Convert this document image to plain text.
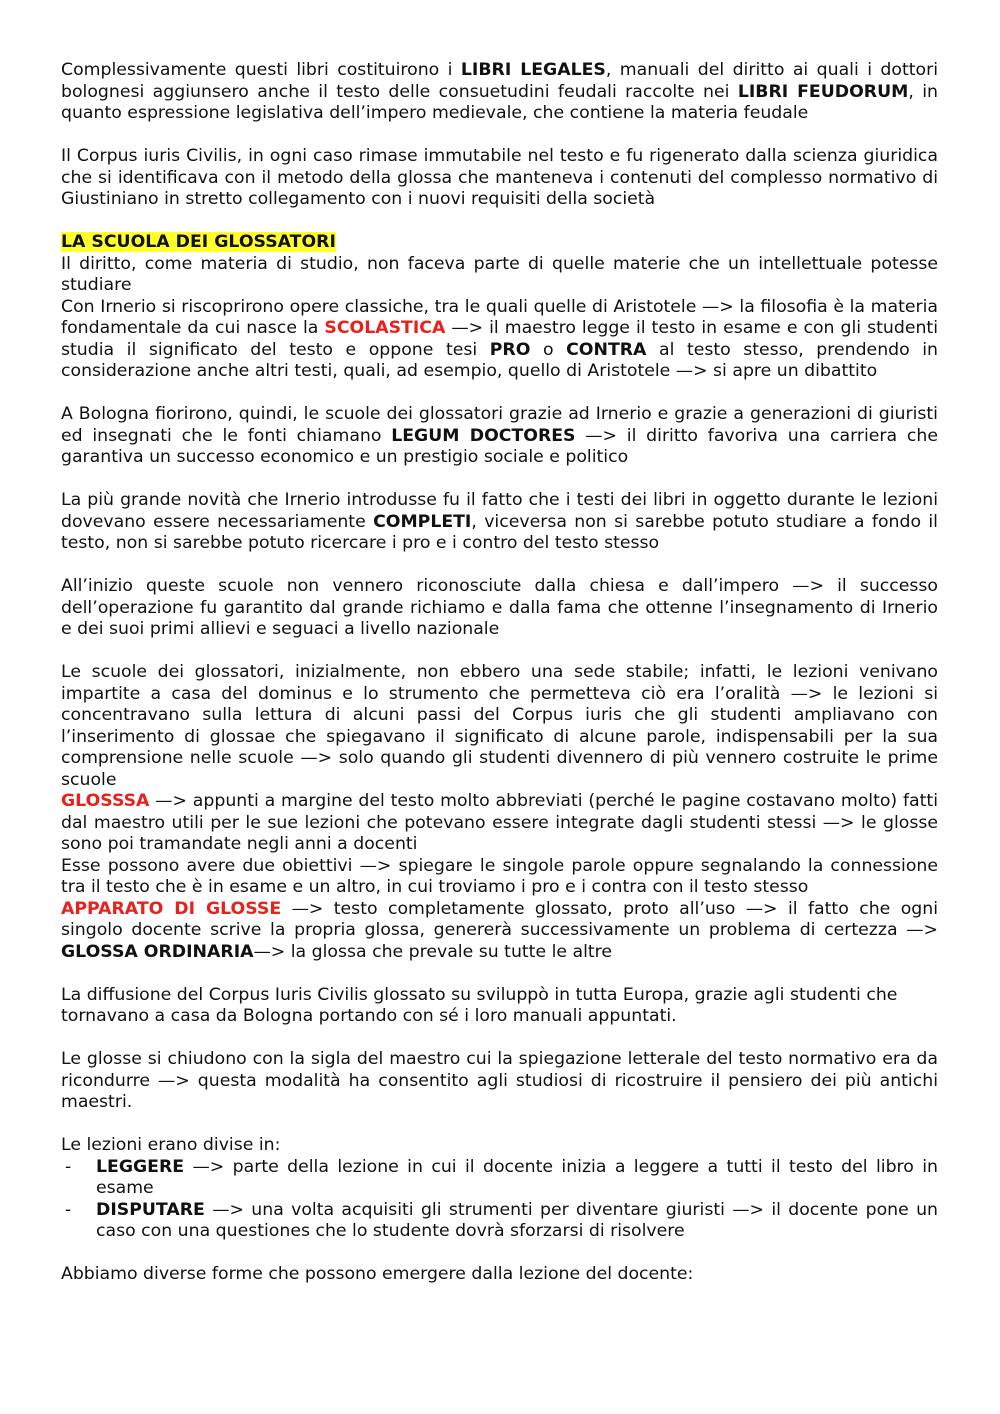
Complessivamente questi libri costituirono i LIBRI LEGALES, manuali del diritto ai quali i dottori bolognesi aggiunsero anche il testo delle consuetudini feudali raccolte nei LIBRI FEUDORUM, in quanto espressione legislativa dell’impero medievale, che contiene la materia feudale

Il Corpus iuris Civilis, in ogni caso rimase immutabile nel testo e fu rigenerato dalla scienza giuridica che si identificava con il metodo della glossa che manteneva i contenuti del complesso normativo di Giustiniano in stretto collegamento con i nuovi requisiti della società

LA SCUOLA DEI GLOSSATORI

Il diritto, come materia di studio, non faceva parte di quelle materie che un intellettuale potesse studiare

Con Irnerio si riscoprirono opere classiche, tra le quali quelle di Aristotele —> la filosofia è la materia fondamentale da cui nasce la SCOLASTICA —> il maestro legge il testo in esame e con gli studenti studia il significato del testo e oppone tesi PRO o CONTRA al testo stesso, prendendo in considerazione anche altri testi, quali, ad esempio, quello di Aristotele —> si apre un dibattito

A Bologna fiorirono, quindi, le scuole dei glossatori grazie ad Irnerio e grazie a generazioni di giuristi ed insegnati che le fonti chiamano LEGUM DOCTORES —> il diritto favoriva una carriera che garantiva un successo economico e un prestigio sociale e politico

La più grande novità che Irnerio introdusse fu il fatto che i testi dei libri in oggetto durante le lezioni dovevano essere necessariamente COMPLETI, viceversa non si sarebbe potuto studiare a fondo il testo, non si sarebbe potuto ricercare i pro e i contro del testo stesso

All’inizio queste scuole non vennero riconosciute dalla chiesa e dall’impero —> il successo dell’operazione fu garantito dal grande richiamo e dalla fama che ottenne l’insegnamento di Irnerio e dei suoi primi allievi e seguaci a livello nazionale

Le scuole dei glossatori, inizialmente, non ebbero una sede stabile; infatti, le lezioni venivano impartite a casa del dominus e lo strumento che permetteva ciò era l’oralità —> le lezioni si concentravano sulla lettura di alcuni passi del Corpus iuris che gli studenti ampliavano con l’inserimento di glossae che spiegavano il significato di alcune parole, indispensabili per la sua comprensione nelle scuole —> solo quando gli studenti divennero di più vennero costruite le prime scuole

GLOSSSA —> appunti a margine del testo molto abbreviati (perché le pagine costavano molto) fatti dal maestro utili per le sue lezioni che potevano essere integrate dagli studenti stessi —> le glosse sono poi tramandate negli anni a docenti

Esse possono avere due obiettivi —> spiegare le singole parole oppure segnalando la connessione tra il testo che è in esame e un altro, in cui troviamo i pro e i contra con il testo stesso

APPARATO DI GLOSSE —> testo completamente glossato, proto all’uso —> il fatto che ogni singolo docente scrive la propria glossa, genererà successivamente un problema di certezza —> GLOSSA ORDINARIA—> la glossa che prevale su tutte le altre

La diffusione del Corpus Iuris Civilis glossato su sviluppò in tutta Europa, grazie agli studenti che tornavano a casa da Bologna portando con sé i loro manuali appuntati.

Le glosse si chiudono con la sigla del maestro cui la spiegazione letterale del testo normativo era da ricondurre —> questa modalità ha consentito agli studiosi di ricostruire il pensiero dei più antichi maestri.

Le lezioni erano divise in:

- LEGGERE —> parte della lezione in cui il docente inizia a leggere a tutti il testo del libro in esame
- DISPUTARE —> una volta acquisiti gli strumenti per diventare giuristi —> il docente pone un caso con una questiones che lo studente dovrà sforzarsi di risolvere

Abbiamo diverse forme che possono emergere dalla lezione del docente:
